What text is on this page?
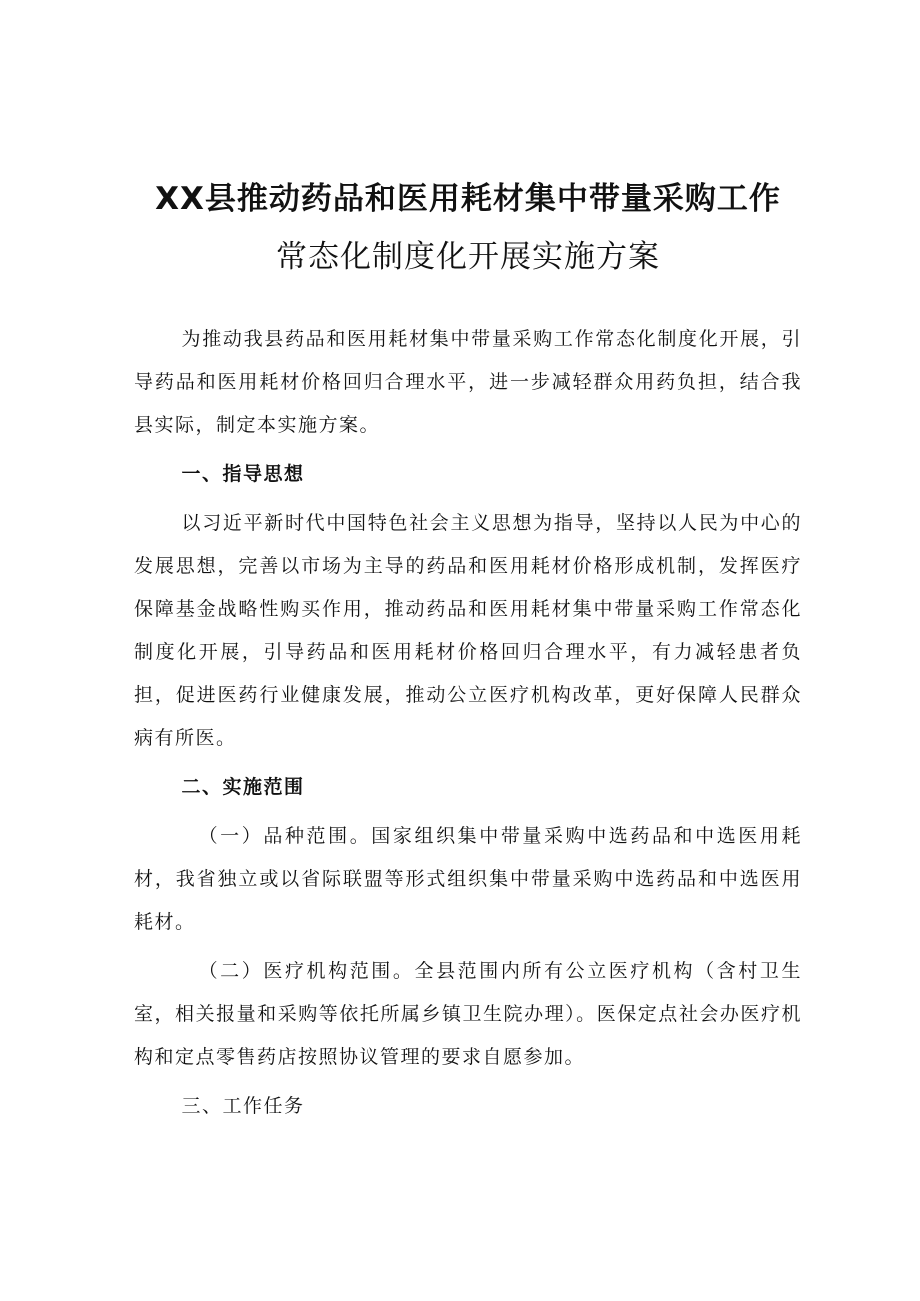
XX县推动药品和医用耗材集中带量采购工作
常态化制度化开展实施方案

为推动我县药品和医用耗材集中带量采购工作常态化制度化开展，引导药品和医用耗材价格回归合理水平，进一步减轻群众用药负担，结合我县实际，制定本实施方案。

一、指导思想

以习近平新时代中国特色社会主义思想为指导，坚持以人民为中心的发展思想，完善以市场为主导的药品和医用耗材价格形成机制，发挥医疗保障基金战略性购买作用，推动药品和医用耗材集中带量采购工作常态化制度化开展，引导药品和医用耗材价格回归合理水平，有力减轻患者负担，促进医药行业健康发展，推动公立医疗机构改革，更好保障人民群众病有所医。

二、实施范围

（一）品种范围。国家组织集中带量采购中选药品和中选医用耗材，我省独立或以省际联盟等形式组织集中带量采购中选药品和中选医用耗材。

（二）医疗机构范围。全县范围内所有公立医疗机构（含村卫生室，相关报量和采购等依托所属乡镇卫生院办理）。医保定点社会办医疗机构和定点零售药店按照协议管理的要求自愿参加。

三、工作任务
